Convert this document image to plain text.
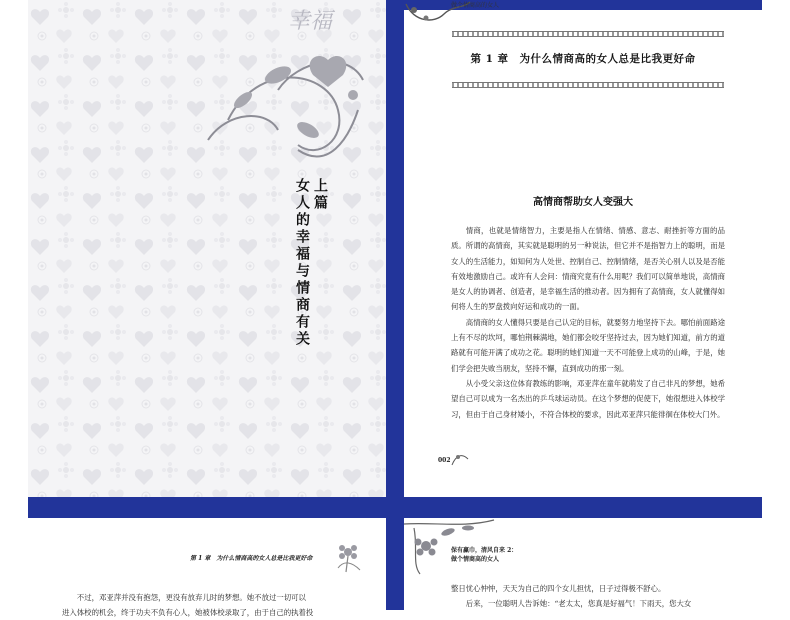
幸福
上篇
女人的幸福与情商有关
做个情商高的女人
第 1 章　为什么情商高的女人总是比我更好命
高情商帮助女人变强大

情商，也就是情绪智力，主要是指人在情绪、情感、意志、耐挫折等方面的品质。所谓的高情商，其实就是聪明的另一种说法，但它并不是指智力上的聪明，而是女人的生活能力，如知何为人处世、控制自己、控制情绪，是否关心别人以及是否能有效地激励自己。或许有人会问：情商究竟有什么用呢？我们可以简单地说，高情商是女人的协调者、创造者，是幸福生活的推动者。因为拥有了高情商，女人就懂得如何将人生的罗盘拨向好运和成功的一面。

高情商的女人懂得只要是自己认定的目标，就要努力地坚持下去。哪怕前面路途上有不尽的坎坷，哪怕荆棘满地，她们都会咬牙坚持过去，因为她们知道，前方的道路就有可能开满了成功之花。聪明的她们知道一天不可能登上成功的山峰，于是，她们学会把失败当朋友，坚持不懈，直到成功的那一刻。

从小受父亲这位体育教练的影响，邓亚萍在童年就萌发了自己非凡的梦想，她希望自己可以成为一名杰出的乒乓球运动员。在这个梦想的促使下，她很想进入体校学习，但由于自己身材矮小，不符合体校的要求，因此邓亚萍只能徘徊在体校大门外。

002
第 1 章　为什么情商高的女人总是比我更好命

不过，邓亚萍并没有抱怨，更没有放弃儿时的梦想。她不放过一切可以

进入体校的机会，终于功夫不负有心人，她被体校录取了，由于自己的执着投

保有赢巾，清风自来 2：
做个情商高的女人

整日忧心忡忡，天天为自己的四个女儿担忧，日子过得极不舒心。

后来，一位聪明人告诉她：“老太太，您真是好福气！下雨天，您大女
